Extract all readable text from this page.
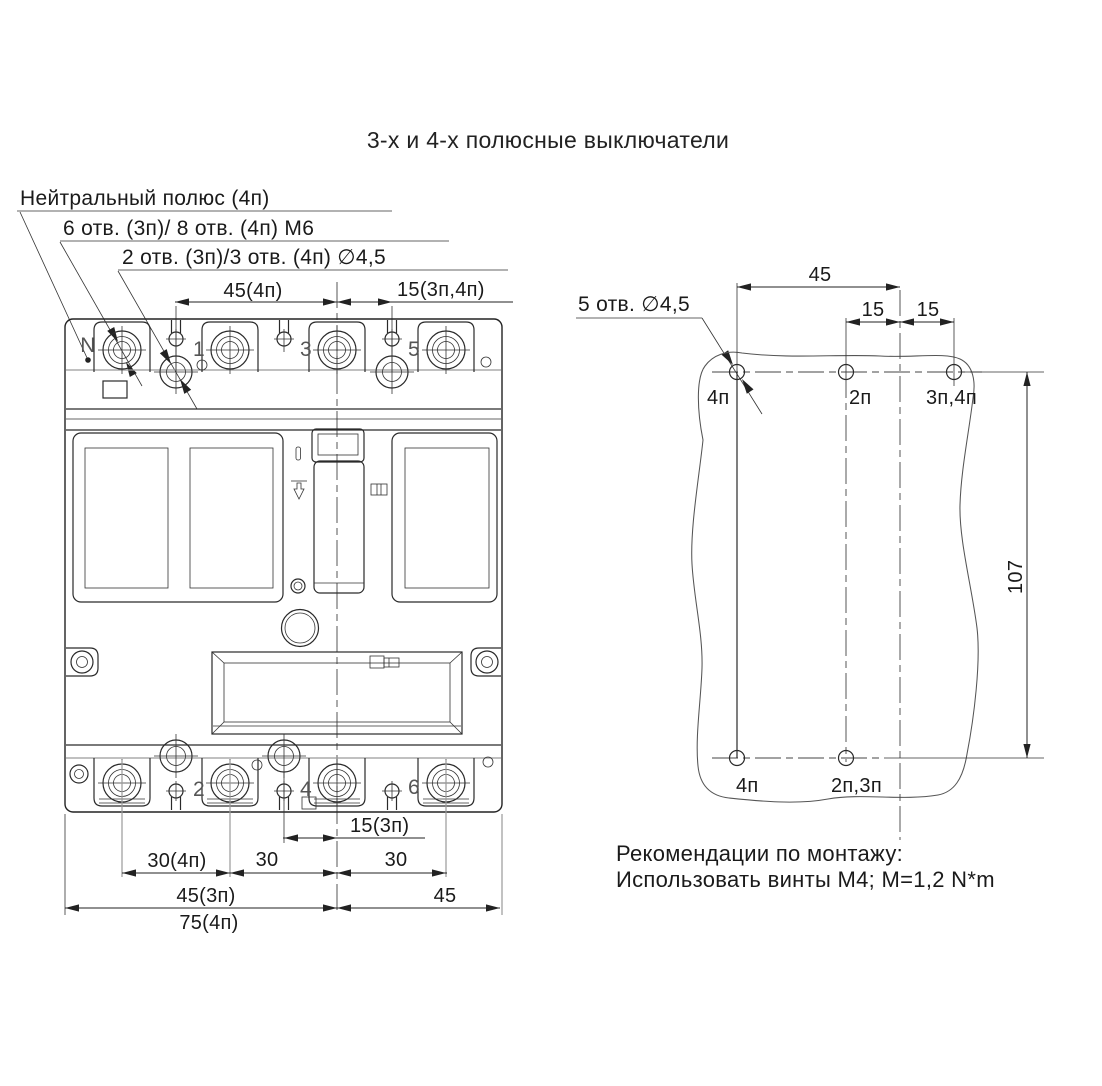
3-х и 4-х полюсные выключатели
Нейтральный полюс (4п)
6 отв. (3п)/ 8 отв. (4п) М6
2 отв. (3п)/3 отв. (4п) ∅4,5
45(4п)	15(3п,4п)
N	1	3	5
2	4	6
15(3п)
30(4п) 30	30
45(3п)	45
75(4п)
5 отв. ∅4,5
4п	2п	3п,4п
4п	2п,3п
45
15 15
107
Рекомендации по монтажу:
Использовать винты М4; М=1,2 N*m
